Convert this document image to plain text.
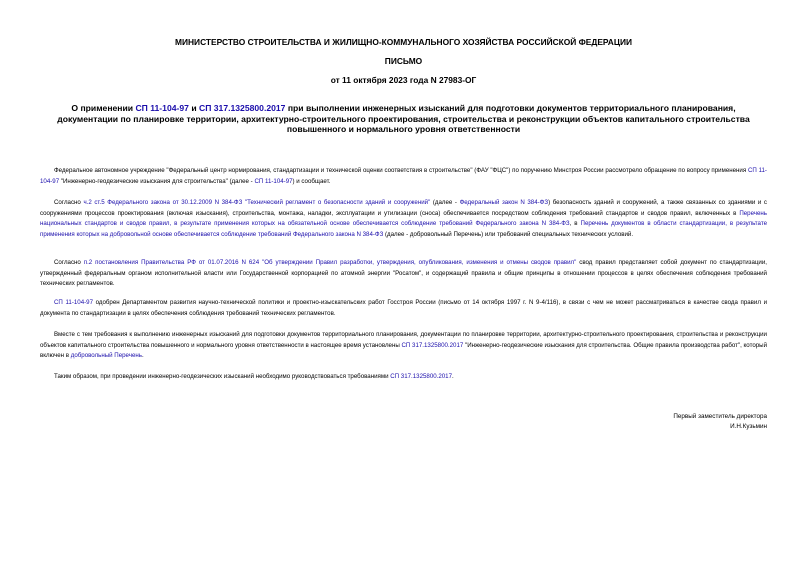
МИНИСТЕРСТВО СТРОИТЕЛЬСТВА И ЖИЛИЩНО-КОММУНАЛЬНОГО ХОЗЯЙСТВА РОССИЙСКОЙ ФЕДЕРАЦИИ
ПИСЬМО
от 11 октября 2023 года N 27983-ОГ
О применении СП 11-104-97 и СП 317.1325800.2017 при выполнении инженерных изысканий для подготовки документов территориального планирования, документации по планировке территории, архитектурно-строительного проектирования, строительства и реконструкции объектов капитального строительства повышенного и нормального уровня ответственности
Федеральное автономное учреждение "Федеральный центр нормирования, стандартизации и технической оценки соответствия в строительстве" (ФАУ "ФЦС") по поручению Минстроя России рассмотрело обращение по вопросу применения СП 11-104-97 "Инженерно-геодезические изыскания для строительства" (далее - СП 11-104-97) и сообщает.
Согласно ч.2 ст.5 Федерального закона от 30.12.2009 N 384-ФЗ "Технический регламент о безопасности зданий и сооружений" (далее - Федеральный закон N 384-ФЗ) безопасность зданий и сооружений, а также связанных со зданиями и с сооружениями процессов проектирования (включая изыскания), строительства, монтажа, наладки, эксплуатации и утилизации (сноса) обеспечивается посредством соблюдения требований стандартов и сводов правил, включенных в Перечень национальных стандартов и сводов правил, в результате применения которых на обязательной основе обеспечивается соблюдение требований Федерального закона N 384-ФЗ, в Перечень документов в области стандартизации, в результате применения которых на добровольной основе обеспечивается соблюдение требований Федерального закона N 384-ФЗ (далее - добровольный Перечень) или требований специальных технических условий.
Согласно п.2 постановления Правительства РФ от 01.07.2016 N 624 "Об утверждении Правил разработки, утверждения, опубликования, изменения и отмены сводов правил" свод правил представляет собой документ по стандартизации, утвержденный федеральным органом исполнительной власти или Государственной корпорацией по атомной энергии "Росатом", и содержащий правила и общие принципы в отношении процессов в целях обеспечения соблюдения требований технических регламентов.
СП 11-104-97 одобрен Департаментом развития научно-технической политики и проектно-изыскательских работ Госстроя России (письмо от 14 октября 1997 г. N 9-4/116), в связи с чем не может рассматриваться в качестве свода правил и документа по стандартизации в целях обеспечения соблюдения требований технических регламентов.
Вместе с тем требования к выполнению инженерных изысканий для подготовки документов территориального планирования, документации по планировке территории, архитектурно-строительного проектирования, строительства и реконструкции объектов капитального строительства повышенного и нормального уровня ответственности в настоящее время установлены СП 317.1325800.2017 "Инженерно-геодезические изыскания для строительства. Общие правила производства работ", который включен в добровольный Перечень.
Таким образом, при проведении инженерно-геодезических изысканий необходимо руководствоваться требованиями СП 317.1325800.2017.
Первый заместитель директора
И.Н.Кузьмин
